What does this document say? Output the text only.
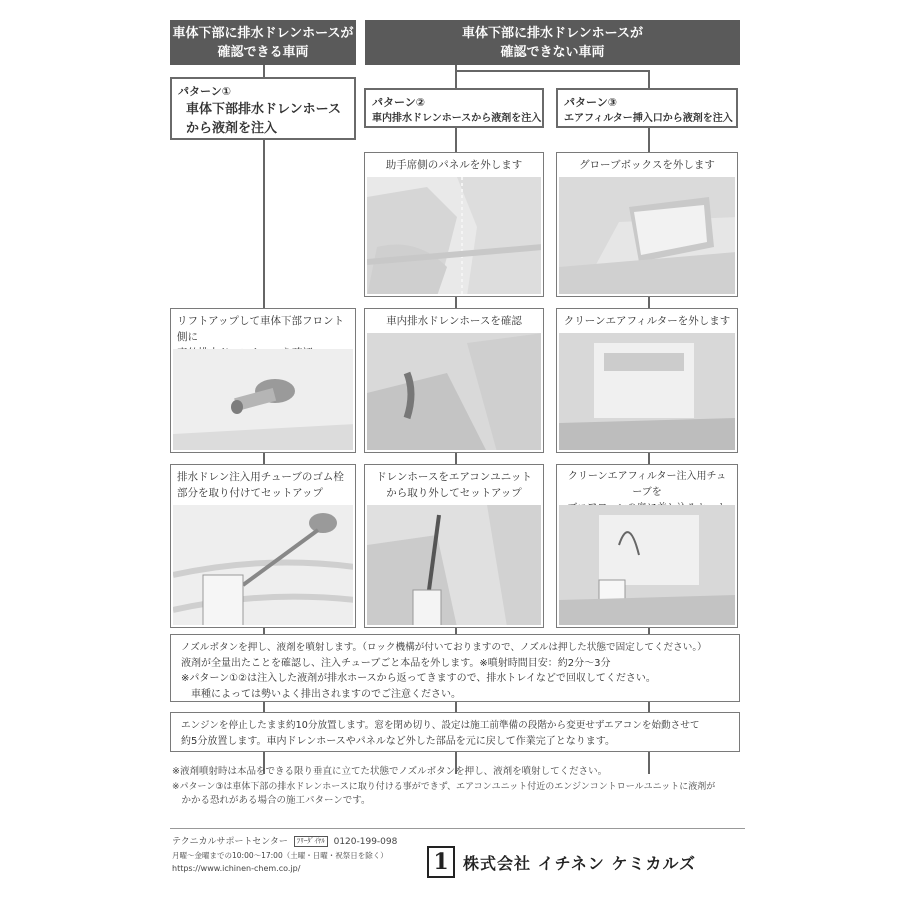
車体下部に排水ドレンホースが
確認できる車両
車体下部に排水ドレンホースが
確認できない車両
パターン①
車体下部排水ドレンホース
から液剤を注入
パターン②
車内排水ドレンホースから液剤を注入
パターン③
エアフィルター挿入口から液剤を注入
助手席側のパネルを外します	グローブボックスを外します
リフトアップして車体下部フロント側に
車内排水ドレンホースを確認	クリーンエアフィルターを外します
排水ドレン注入用チューブのゴム栓
部分を取り付けてセットアップ
ドレンホースをエアコンユニット
から取り外してセットアップ
クリーンエアフィルター注入用チューブを
ノズルボタンを押し、液剤を噴射します。（ロック機構が付いておりますので、ノズルは押した状態で固定してください。）
液剤が全量出たことを確認し、注入チューブごと本品を外します。※噴射時間目安：約2分～3分
※パターン①②は注入した液剤が排水ホースから返ってきますので、排水トレイなどで回収してください。
　車種によっては勢いよく排出されますのでご注意ください。
エンジンを停止したまま約10分放置します。窓を閉め切り、設定は施工前準備の段階から変更せずエアコンを始動させて
約5分放置します。車内ドレンホースやパネルなど外した部品を元に戻して作業完了となります。
※液剤噴射時は本品をできる限り垂直に立てた状態でノズルボタンを押し、液剤を噴射してください。
※パターン③は車体下部の排水ドレンホースに取り付ける事ができず、エアコンユニット付近のエンジンコントロールユニットに液剤が
　かかる恐れがある場合の施工パターンです。
テクニカルサポートセンター ﾌﾘｰﾀﾞｲﾔﾙ 0120-199-098
月曜～金曜までの10:00～17:00（土曜・日曜・祝祭日を除く）
https://www.ichinen-chem.co.jp/	1 株式会社 イチネン ケミカルズ
